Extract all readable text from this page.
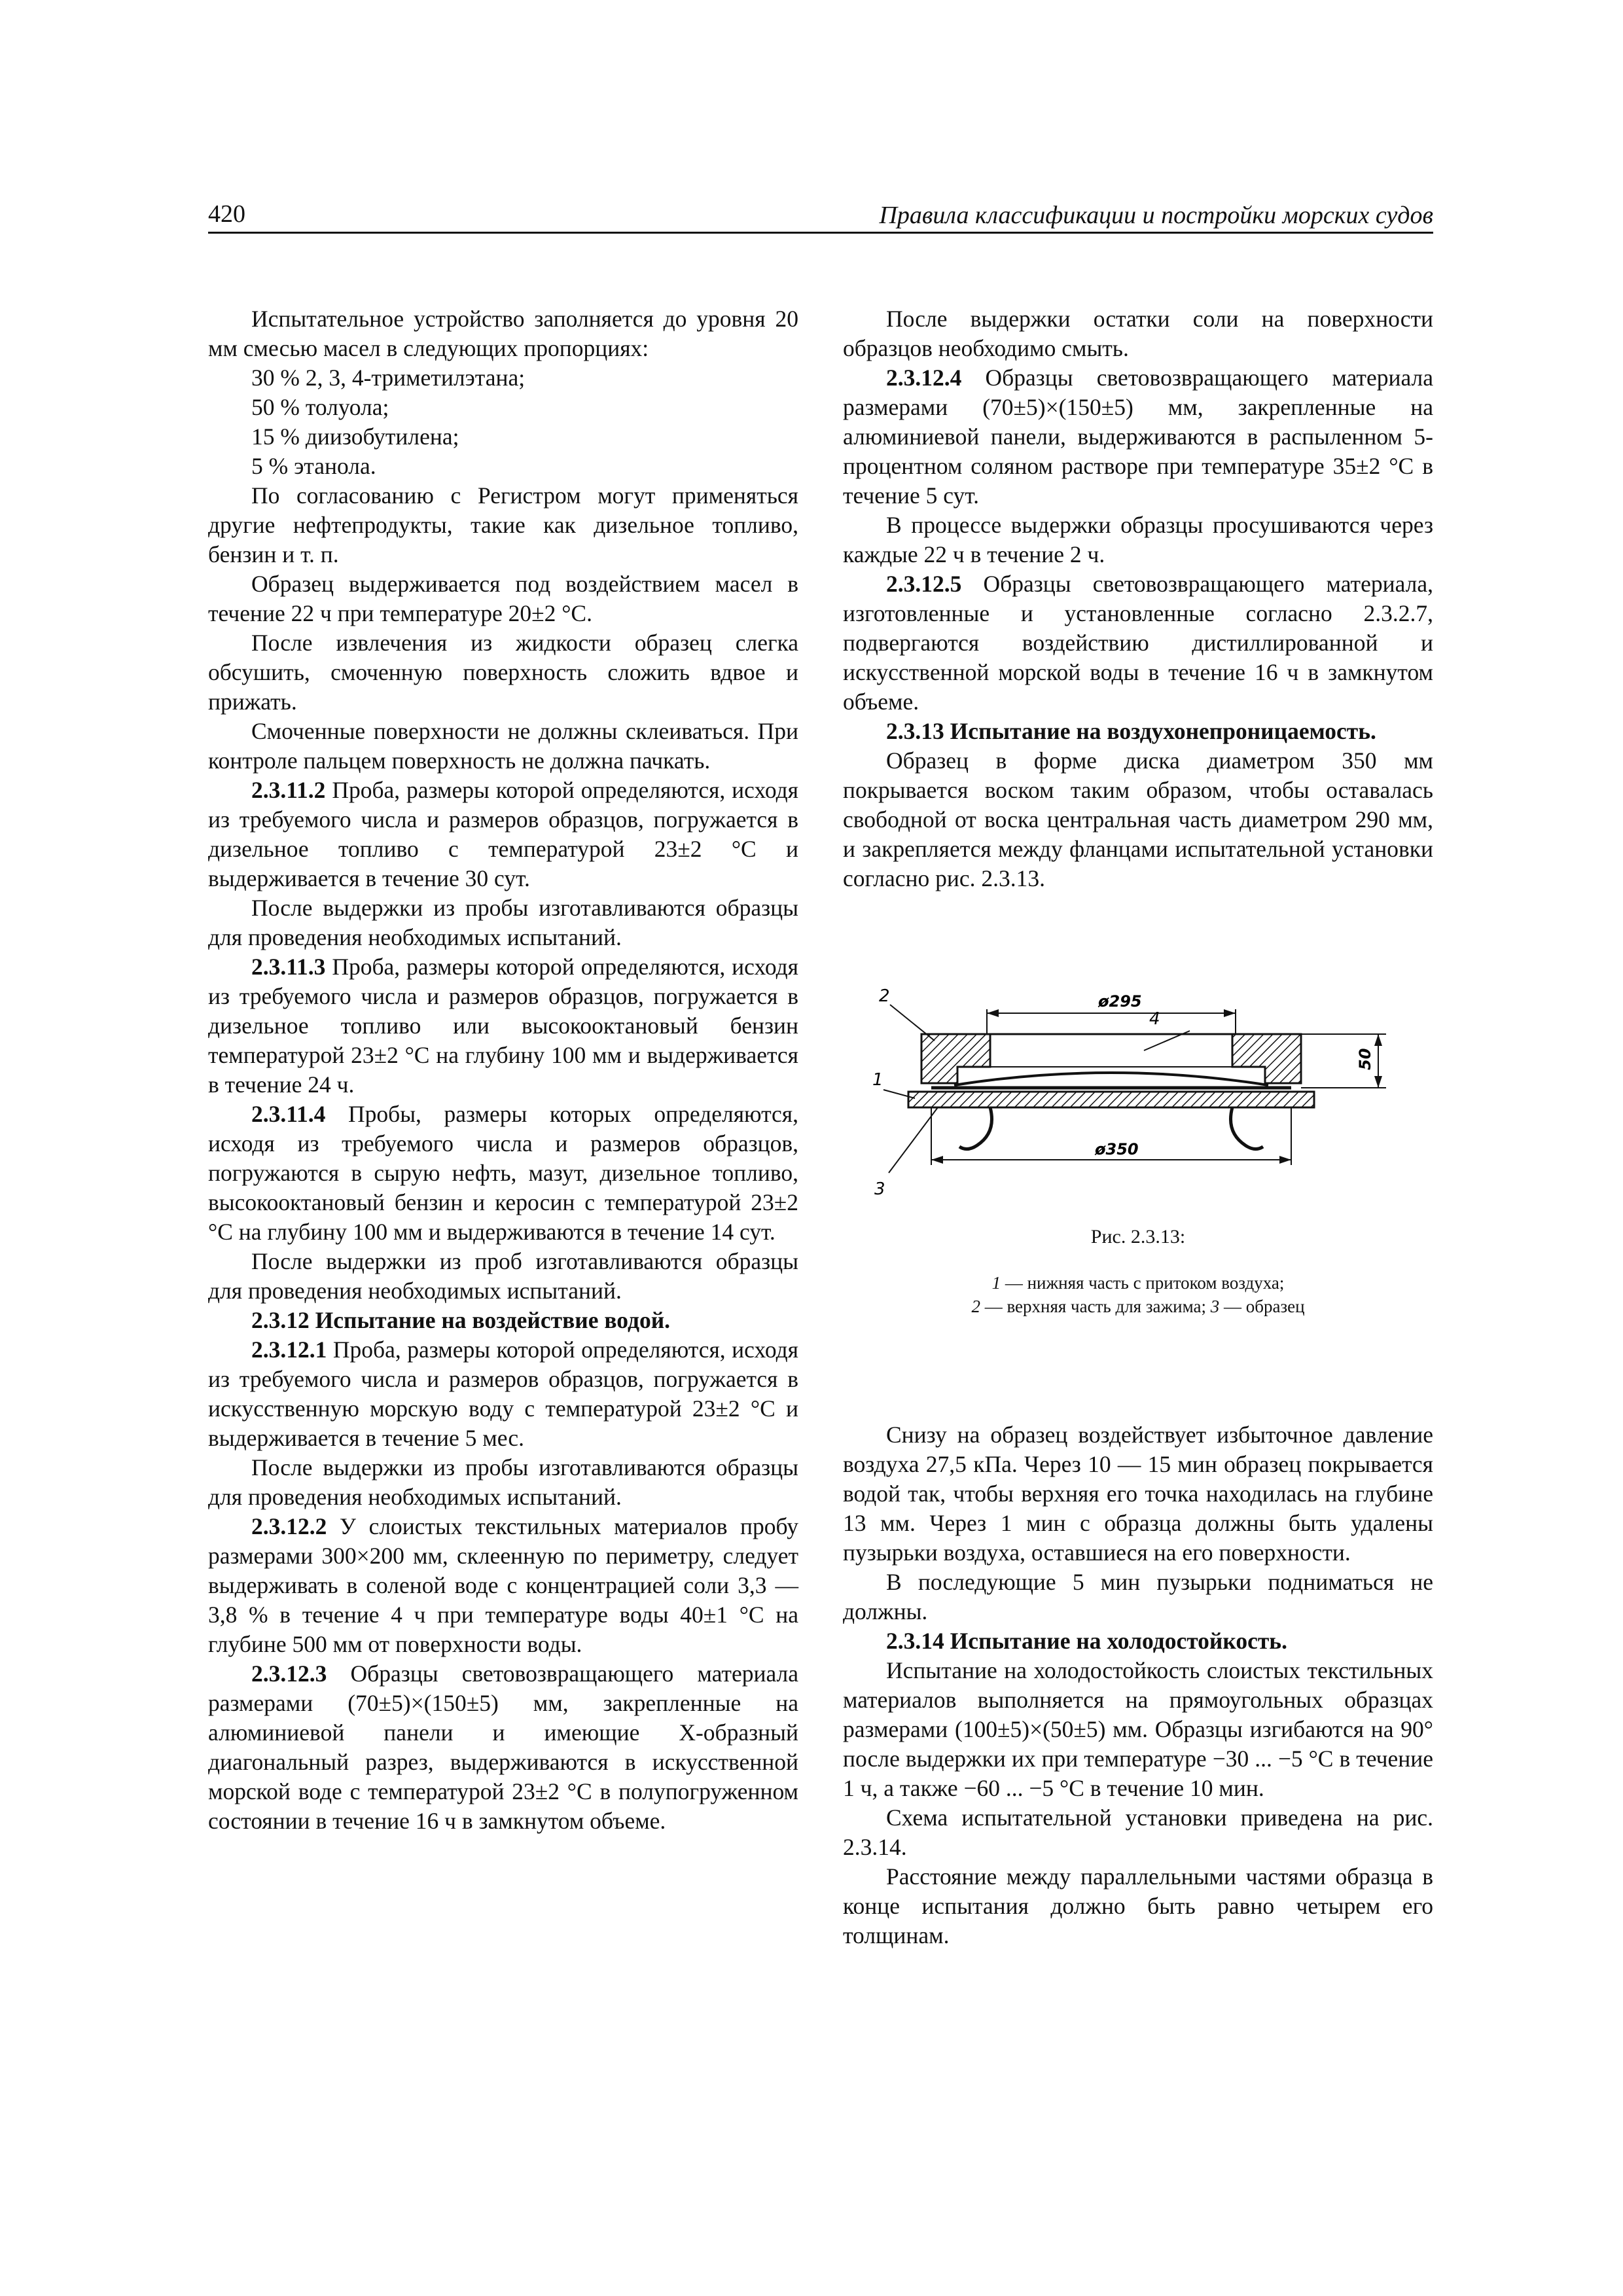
420	Правила классификации и постройки морских судов

Испытательное устройство заполняется до уровня 20 мм смесью масел в следующих пропорциях:

30 % 2, 3, 4-триметилэтана;

50 % толуола;

15 % диизобутилена;

5 % этанола.

По согласованию с Регистром могут применяться другие нефтепродукты, такие как дизельное топливо, бензин и т. п.

Образец выдерживается под воздействием масел в течение 22 ч при температуре 20±2 °С.

После извлечения из жидкости образец слегка обсушить, смоченную поверхность сложить вдвое и прижать.

Смоченные поверхности не должны склеиваться. При контроле пальцем поверхность не должна пачкать.

2.3.11.2 Проба, размеры которой определяются, исходя из требуемого числа и размеров образцов, погружается в дизельное топливо с температурой 23±2 °С и выдерживается в течение 30 сут.

После выдержки из пробы изготавливаются образцы для проведения необходимых испытаний.

2.3.11.3 Проба, размеры которой определяются, исходя из требуемого числа и размеров образцов, погружается в дизельное топливо или высокооктановый бензин температурой 23±2 °С на глубину 100 мм и выдерживается в течение 24 ч.

2.3.11.4 Пробы, размеры которых определяются, исходя из требуемого числа и размеров образцов, погружаются в сырую нефть, мазут, дизельное топливо, высокооктановый бензин и керосин с температурой 23±2 °С на глубину 100 мм и выдерживаются в течение 14 сут.

После выдержки из проб изготавливаются образцы для проведения необходимых испытаний.

2.3.12 Испытание на воздействие водой.

2.3.12.1 Проба, размеры которой определяются, исходя из требуемого числа и размеров образцов, погружается в искусственную морскую воду с температурой 23±2 °С и выдерживается в течение 5 мес.

После выдержки из пробы изготавливаются образцы для проведения необходимых испытаний.

2.3.12.2 У слоистых текстильных материалов пробу размерами 300×200 мм, склеенную по периметру, следует выдерживать в соленой воде с концентрацией соли 3,3 — 3,8 % в течение 4 ч при температуре воды 40±1 °С на глубине 500 мм от поверхности воды.

2.3.12.3 Образцы световозвращающего материала размерами (70±5)×(150±5) мм, закрепленные на алюминиевой панели и имеющие Х-образный диагональный разрез, выдерживаются в искусственной морской воде с температурой 23±2 °С в полупогруженном состоянии в течение 16 ч в замкнутом объеме.

После выдержки остатки соли на поверхности образцов необходимо смыть.

2.3.12.4 Образцы световозвращающего материала размерами (70±5)×(150±5) мм, закрепленные на алюминиевой панели, выдерживаются в распыленном 5-процентном соляном растворе при температуре 35±2 °С в течение 5 сут.

В процессе выдержки образцы просушиваются через каждые 22 ч в течение 2 ч.

2.3.12.5 Образцы световозвращающего материала, изготовленные и установленные согласно 2.3.2.7, подвергаются воздействию дистиллированной и искусственной морской воды в течение 16 ч в замкнутом объеме.

2.3.13 Испытание на воздухонепроницаемость.

Образец в форме диска диаметром 350 мм покрывается воском таким образом, чтобы оставалась свободной от воска центральная часть диаметром 290 мм, и закрепляется между фланцами испытательной установки согласно рис. 2.3.13.

ø295
ø350
50
2
1
3
4
Рис. 2.3.13:
1 — нижняя часть с притоком воздуха;
2 — верхняя часть для зажима; 3 — образец

Снизу на образец воздействует избыточное давление воздуха 27,5 кПа. Через 10 — 15 мин образец покрывается водой так, чтобы верхняя его точка находилась на глубине 13 мм. Через 1 мин с образца должны быть удалены пузырьки воздуха, оставшиеся на его поверхности.

В последующие 5 мин пузырьки подниматься не должны.

2.3.14 Испытание на холодостойкость.

Испытание на холодостойкость слоистых текстильных материалов выполняется на прямоугольных образцах размерами (100±5)×(50±5) мм. Образцы изгибаются на 90° после выдержки их при температуре −30 ... −5 °С в течение 1 ч, а также −60 ... −5 °С в течение 10 мин.

Схема испытательной установки приведена на рис. 2.3.14.

Расстояние между параллельными частями образца в конце испытания должно быть равно четырем его толщинам.
